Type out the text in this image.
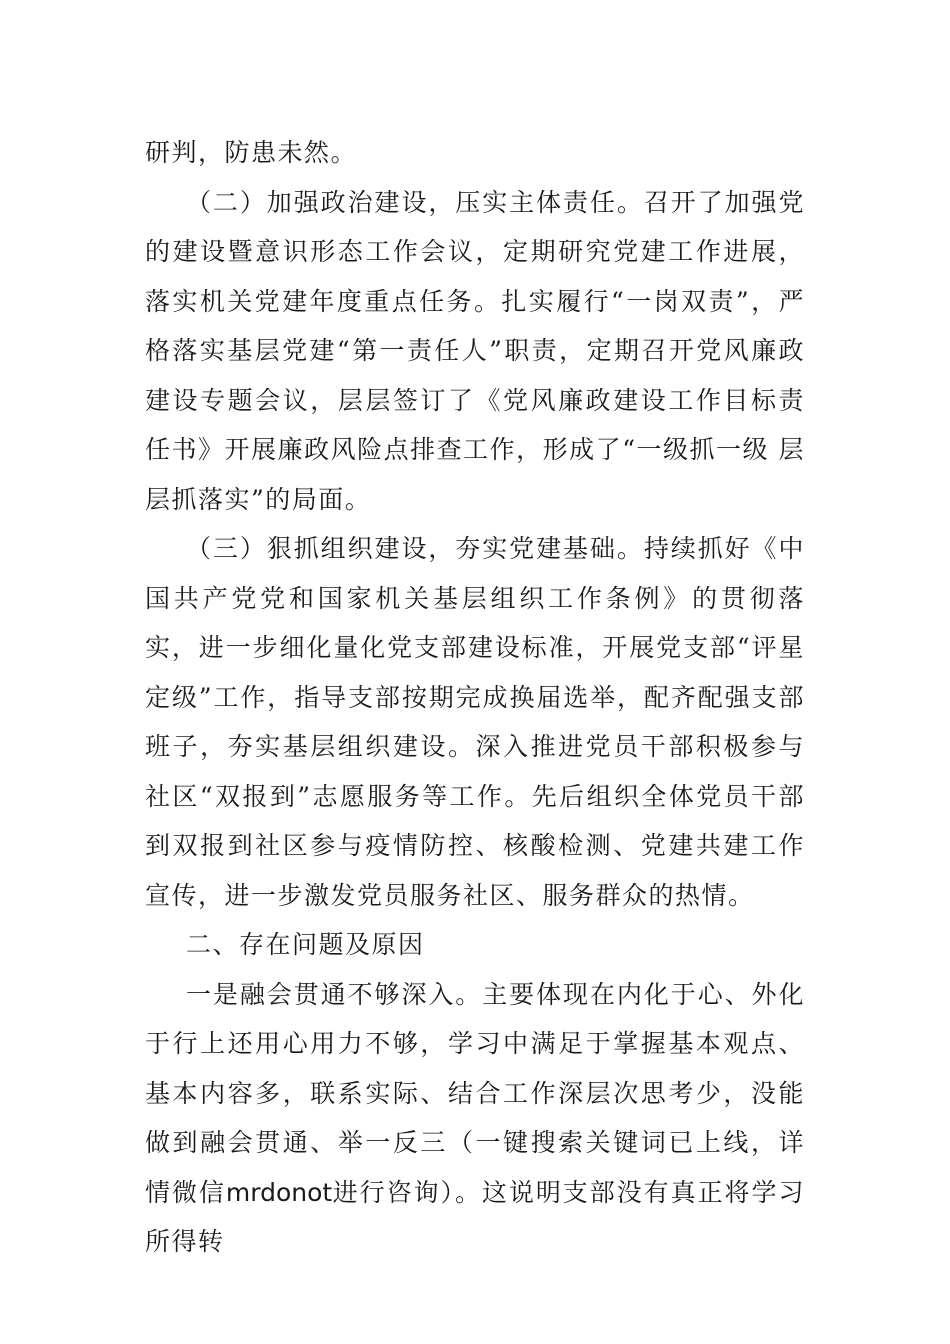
研判，防患未然。

（二）加强政治建设，压实主体责任。召开了加强党的建设暨意识形态工作会议，定期研究党建工作进展， 落实机关党建年度重点任务。扎实履行“一岗双责”，严格落实基层党建“第一责任人”职责，定期召开党风廉政建设专题会议，层层签订了《党风廉政建设工作目标责任书》开展廉政风险点排查工作，形成了“一级抓一级 层层抓落实”的局面。

（三）狠抓组织建设，夯实党建基础。持续抓好《中国共产党党和国家机关基层组织工作条例》的贯彻落实，进一步细化量化党支部建设标准，开展党支部“评星定级”工作，指导支部按期完成换届选举，配齐配强支部班子，夯实基层组织建设。深入推进党员干部积极参与社区“双报到”志愿服务等工作。先后组织全体党员干部到双报到社区参与疫情防控、核酸检测、党建共建工作宣传，进一步激发党员服务社区、服务群众的热情。

二、存在问题及原因

一是融会贯通不够深入。主要体现在内化于心、外化于行上还用心用力不够，学习中满足于掌握基本观点、基本内容多，联系实际、结合工作深层次思考少，没能做到融会贯通、举一反三（一键搜索关键词已上线，详情微信mrdonot进行咨询）。这说明支部没有真正将学习所得转
